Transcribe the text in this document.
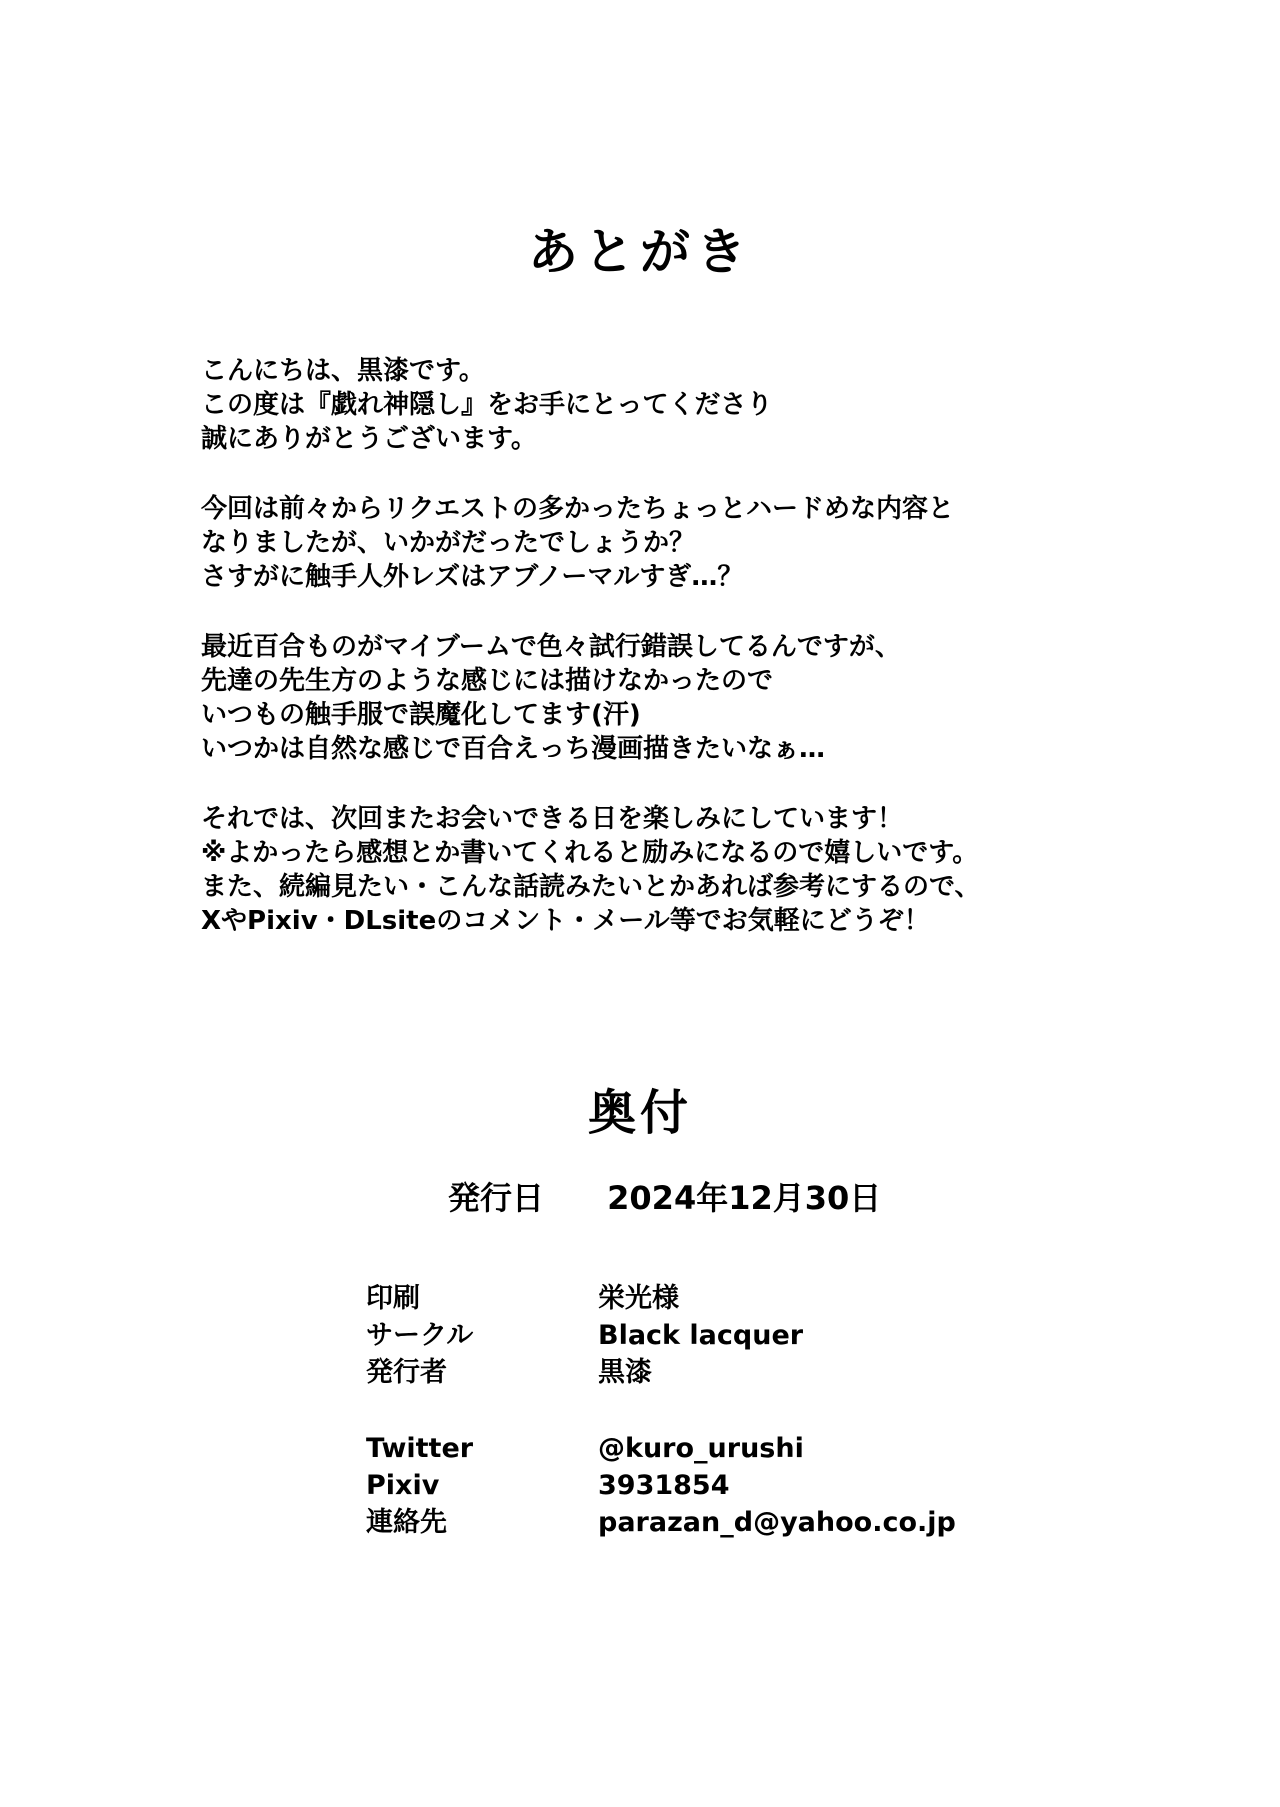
あとがき
こんにちは、黒漆です。
この度は『戯れ神隠し』をお手にとってくださり
誠にありがとうございます。
今回は前々からリクエストの多かったちょっとハードめな内容と
なりましたが、いかがだったでしょうか？
さすがに触手人外レズはアブノーマルすぎ…？
最近百合ものがマイブームで色々試行錯誤してるんですが、
先達の先生方のような感じには描けなかったので
いつもの触手服で誤魔化してます(汗)
いつかは自然な感じで百合えっち漫画描きたいなぁ…
それでは、次回またお会いできる日を楽しみにしています！
※よかったら感想とか書いてくれると励みになるので嬉しいです。
また、続編見たい・こんな話読みたいとかあれば参考にするので、
XやPixiv・DLsiteのコメント・メール等でお気軽にどうぞ！
奥付
発行日 2024年12月30日
印刷	栄光様
サークル	Black lacquer
発行者	黒漆
Twitter	@kuro_urushi
Pixiv	3931854
連絡先	parazan_d@yahoo.co.jp
